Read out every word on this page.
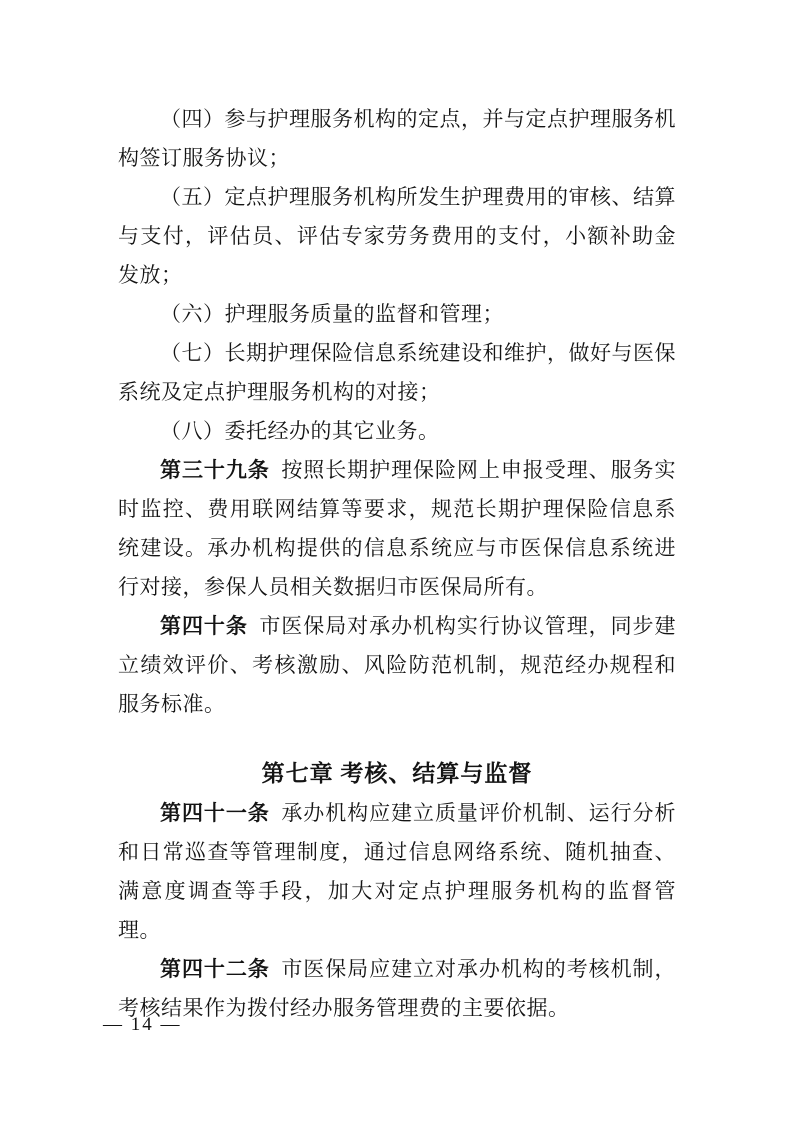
（四）参与护理服务机构的定点，并与定点护理服务机构签订服务协议；

（五）定点护理服务机构所发生护理费用的审核、结算与支付，评估员、评估专家劳务费用的支付，小额补助金发放；

（六）护理服务质量的监督和管理；

（七）长期护理保险信息系统建设和维护，做好与医保系统及定点护理服务机构的对接；

（八）委托经办的其它业务。

第三十九条 按照长期护理保险网上申报受理、服务实时监控、费用联网结算等要求，规范长期护理保险信息系统建设。承办机构提供的信息系统应与市医保信息系统进行对接，参保人员相关数据归市医保局所有。

第四十条 市医保局对承办机构实行协议管理，同步建立绩效评价、考核激励、风险防范机制，规范经办规程和服务标准。

第七章 考核、结算与监督

第四十一条 承办机构应建立质量评价机制、运行分析和日常巡查等管理制度，通过信息网络系统、随机抽查、满意度调查等手段，加大对定点护理服务机构的监督管理。

第四十二条 市医保局应建立对承办机构的考核机制，考核结果作为拨付经办服务管理费的主要依据。

— 14 —
